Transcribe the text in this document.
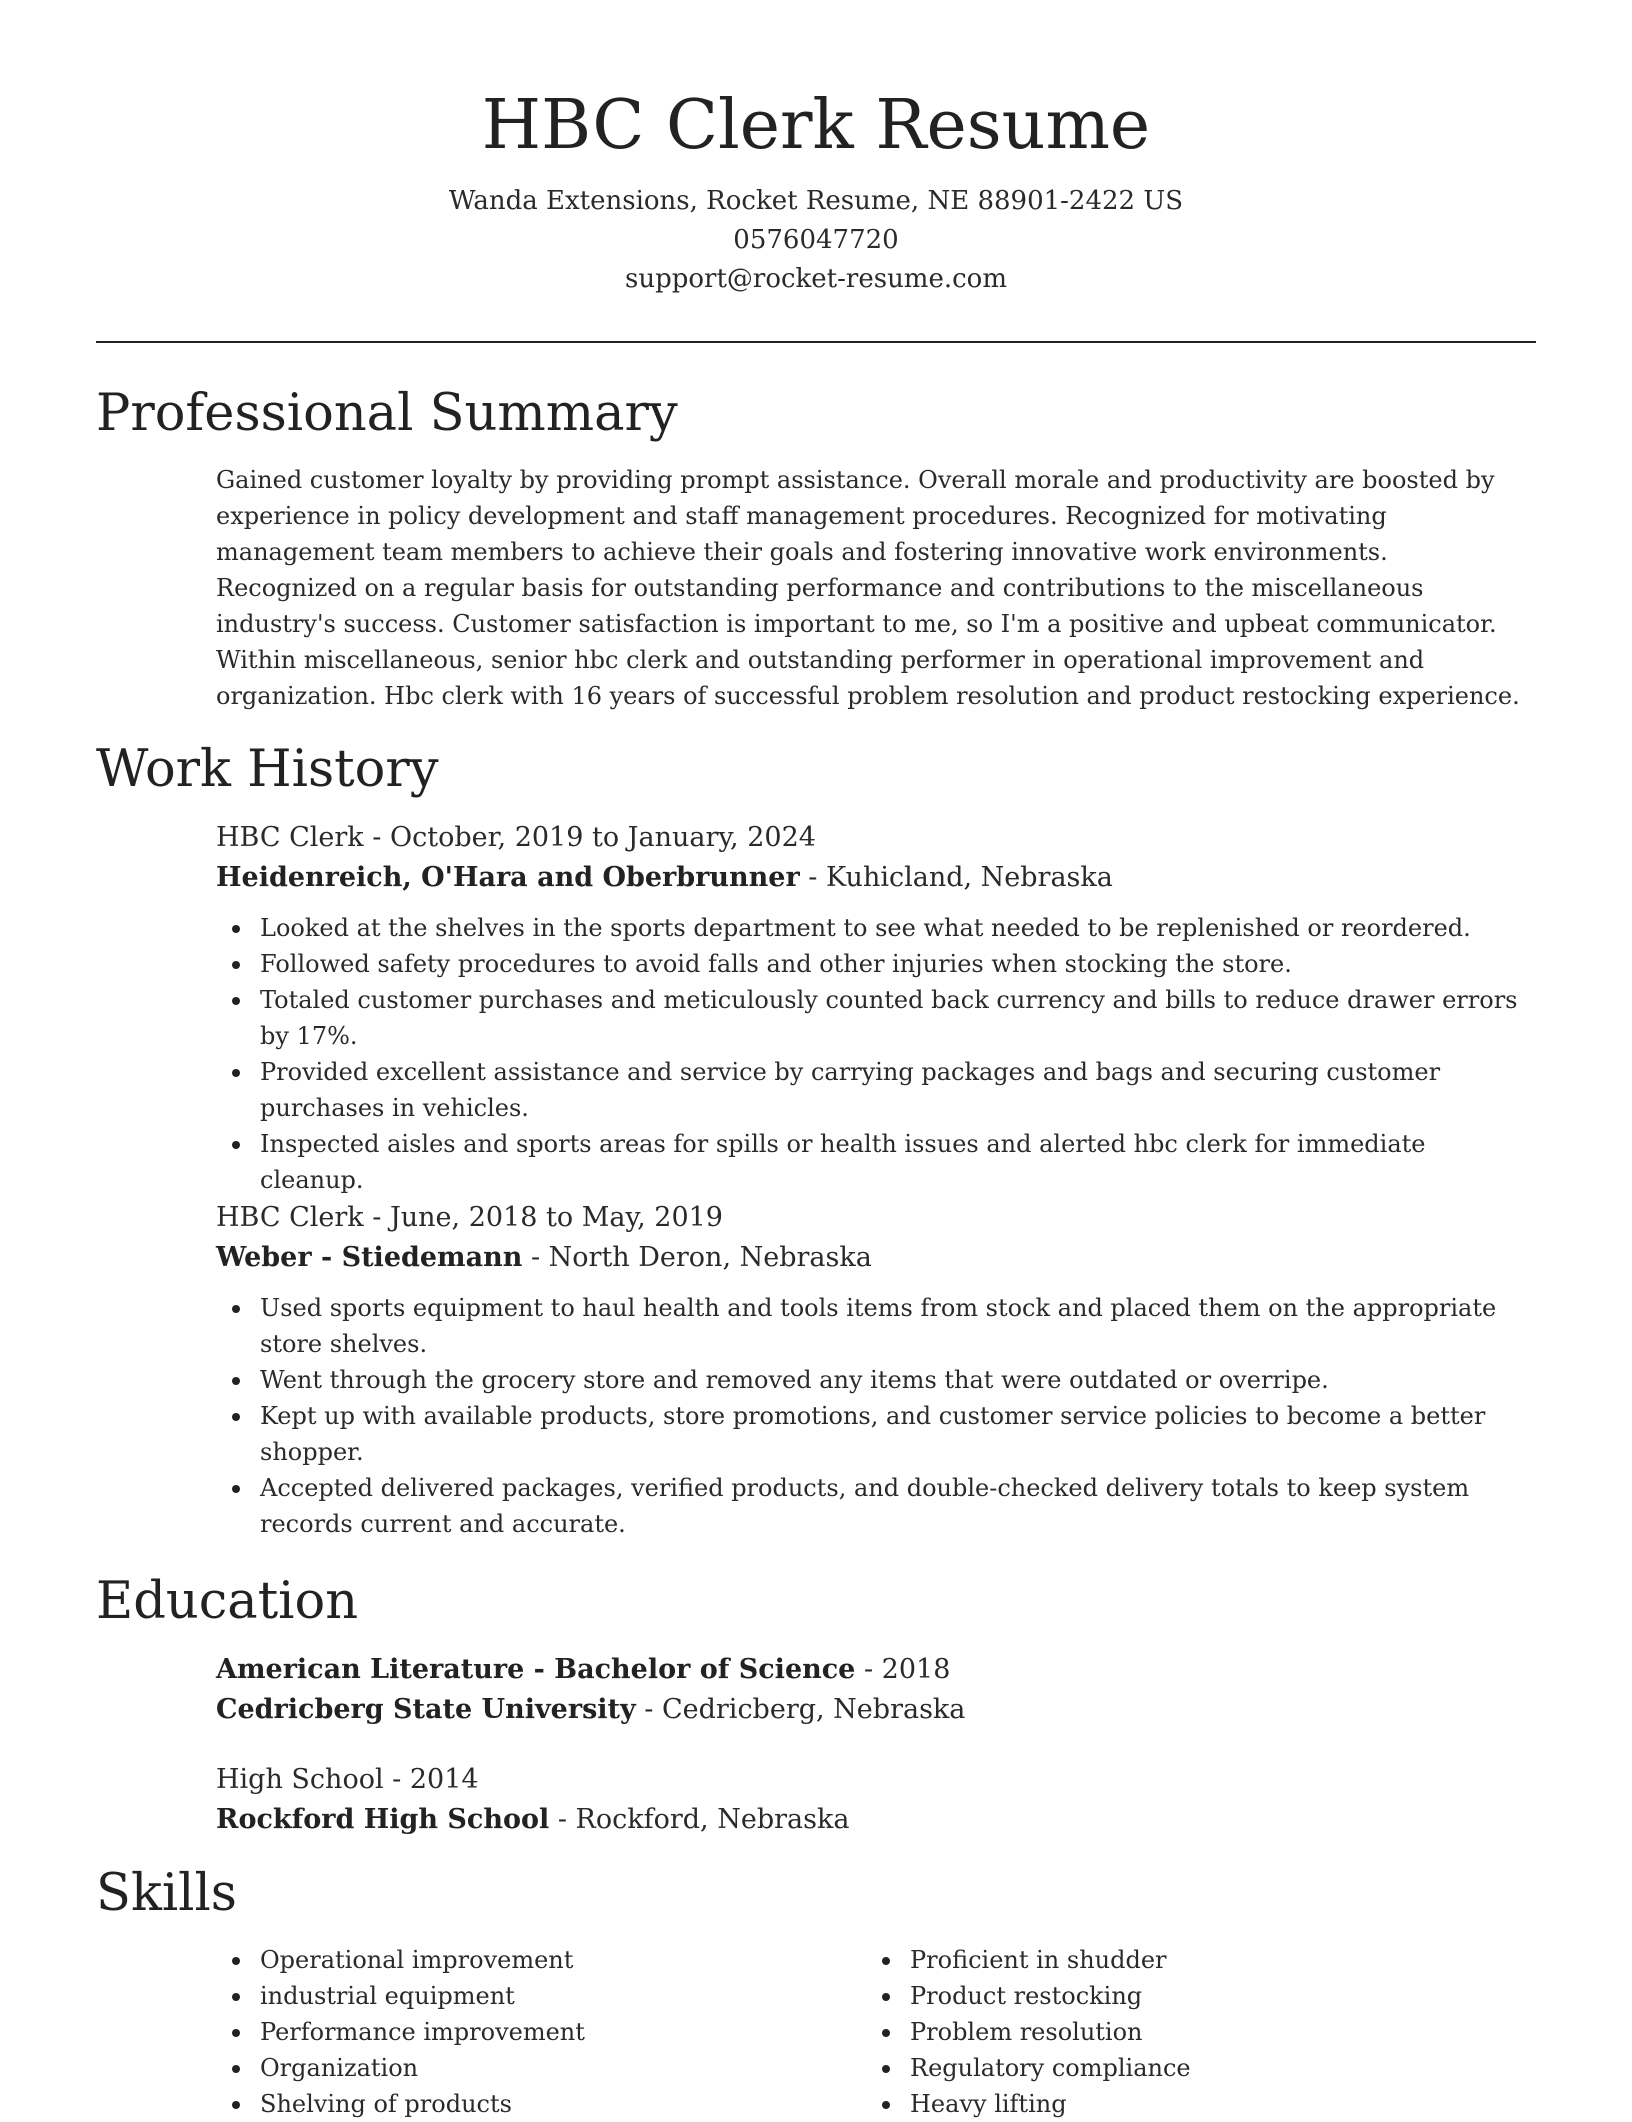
HBC Clerk Resume
Wanda Extensions, Rocket Resume, NE 88901-2422 US
0576047720
support@rocket-resume.com
Professional Summary

Gained customer loyalty by providing prompt assistance. Overall morale and productivity are boosted by experience in policy development and staff management procedures. Recognized for motivating management team members to achieve their goals and fostering innovative work environments. Recognized on a regular basis for outstanding performance and contributions to the miscellaneous industry's success. Customer satisfaction is important to me, so I'm a positive and upbeat communicator. Within miscellaneous, senior hbc clerk and outstanding performer in operational improvement and organization. Hbc clerk with 16 years of successful problem resolution and product restocking experience.

Work History
HBC Clerk - October, 2019 to January, 2024
Heidenreich, O'Hara and Oberbrunner - Kuhicland, Nebraska
Looked at the shelves in the sports department to see what needed to be replenished or reordered.
Followed safety procedures to avoid falls and other injuries when stocking the store.
Totaled customer purchases and meticulously counted back currency and bills to reduce drawer errors by 17%.
Provided excellent assistance and service by carrying packages and bags and securing customer purchases in vehicles.
Inspected aisles and sports areas for spills or health issues and alerted hbc clerk for immediate cleanup.
HBC Clerk - June, 2018 to May, 2019
Weber - Stiedemann - North Deron, Nebraska
Used sports equipment to haul health and tools items from stock and placed them on the appropriate store shelves.
Went through the grocery store and removed any items that were outdated or overripe.
Kept up with available products, store promotions, and customer service policies to become a better shopper.
Accepted delivered packages, verified products, and double-checked delivery totals to keep system records current and accurate.
Education
American Literature - Bachelor of Science - 2018
Cedricberg State University - Cedricberg, Nebraska
High School - 2014
Rockford High School - Rockford, Nebraska
Skills
Operational improvement
industrial equipment
Performance improvement
Organization
Shelving of products
Proficient in shudder
Product restocking
Problem resolution
Regulatory compliance
Heavy lifting
